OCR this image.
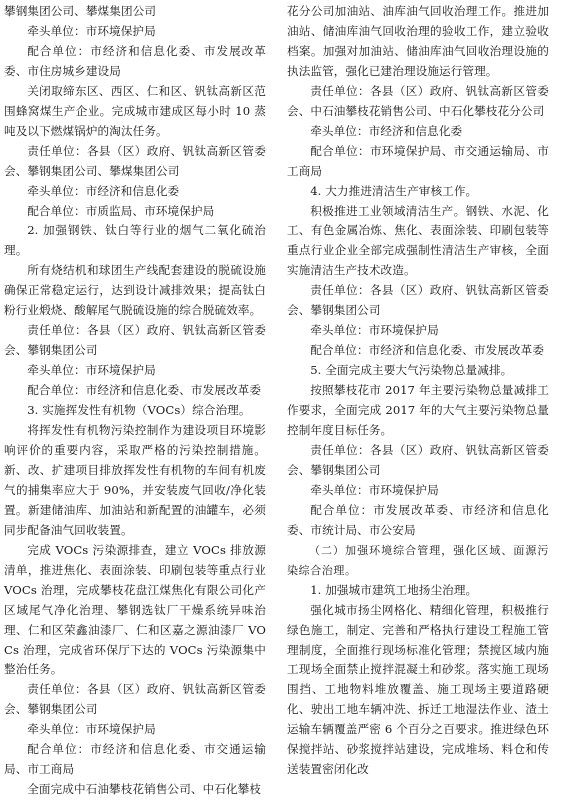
攀钢集团公司、攀煤集团公司

牵头单位：市环境保护局

配合单位：市经济和信息化委、市发展改革委、市住房城乡建设局

关闭取缔东区、西区、仁和区、钒钛高新区范围蜂窝煤生产企业。完成城市建成区每小时 10 蒸吨及以下燃煤锅炉的淘汰任务。

责任单位：各县（区）政府、钒钛高新区管委会、攀钢集团公司、攀煤集团公司

牵头单位：市经济和信息化委

配合单位：市质监局、市环境保护局

2. 加强钢铁、钛白等行业的烟气二氧化硫治理。

所有烧结机和球团生产线配套建设的脱硫设施确保正常稳定运行，达到设计减排效果；提高钛白粉行业煅烧、酸解尾气脱硫设施的综合脱硫效率。

责任单位：各县（区）政府、钒钛高新区管委会、攀钢集团公司

牵头单位：市环境保护局

配合单位：市经济和信息化委、市发展改革委

3. 实施挥发性有机物（VOCs）综合治理。

将挥发性有机物污染控制作为建设项目环境影响评价的重要内容，采取严格的污染控制措施。新、改、扩建项目排放挥发性有机物的车间有机废气的捕集率应大于 90%，并安装废气回收/净化装置。新建储油库、加油站和新配置的油罐车，必须同步配备油气回收装置。

完成 VOCs 污染源排查，建立 VOCs 排放源清单，推进焦化、表面涂装、印刷包装等重点行业 VOCs 治理，完成攀枝花盘江煤焦化有限公司化产区域尾气净化治理、攀钢选钛厂干燥系统异味治理、仁和区荣鑫油漆厂、仁和区嘉之源油漆厂 VOCs 治理，完成省环保厅下达的 VOCs 污染源集中整治任务。

责任单位：各县（区）政府、钒钛高新区管委会、攀钢集团公司

牵头单位：市环境保护局

配合单位：市经济和信息化委、市交通运输局、市工商局

全面完成中石油攀枝花销售公司、中石化攀枝

花分公司加油站、油库油气回收治理工作。推进加油站、储油库油气回收治理的验收工作，建立验收档案。加强对加油站、储油库油气回收治理设施的执法监管，强化已建治理设施运行管理。

责任单位：各县（区）政府、钒钛高新区管委会、中石油攀枝花销售公司、中石化攀枝花分公司

牵头单位：市经济和信息化委

配合单位：市环境保护局、市交通运输局、市工商局

4. 大力推进清洁生产审核工作。

积极推进工业领域清洁生产。钢铁、水泥、化工、有色金属冶炼、焦化、表面涂装、印刷包装等重点行业企业全部完成强制性清洁生产审核，全面实施清洁生产技术改造。

责任单位：各县（区）政府、钒钛高新区管委会、攀钢集团公司

牵头单位：市环境保护局

配合单位：市经济和信息化委、市发展改革委

5. 全面完成主要大气污染物总量减排。

按照攀枝花市 2017 年主要污染物总量减排工作要求，全面完成 2017 年的大气主要污染物总量控制年度目标任务。

责任单位：各县（区）政府、钒钛高新区管委会、攀钢集团公司

牵头单位：市环境保护局

配合单位：市发展改革委、市经济和信息化委、市统计局、市公安局

（二）加强环境综合管理，强化区域、面源污染综合治理。

1. 加强城市建筑工地扬尘治理。

强化城市扬尘网格化、精细化管理，积极推行绿色施工，制定、完善和严格执行建设工程施工管理制度，全面推行现场标准化管理；禁搅区域内施工现场全面禁止搅拌混凝土和砂浆。落实施工现场围挡、工地物料堆放覆盖、施工现场主要道路硬化、驶出工地车辆冲洗、拆迁工地湿法作业、渣土运输车辆覆盖严密 6 个百分之百要求。推进绿色环保搅拌站、砂浆搅拌站建设，完成堆场、料仓和传送装置密闭化改
